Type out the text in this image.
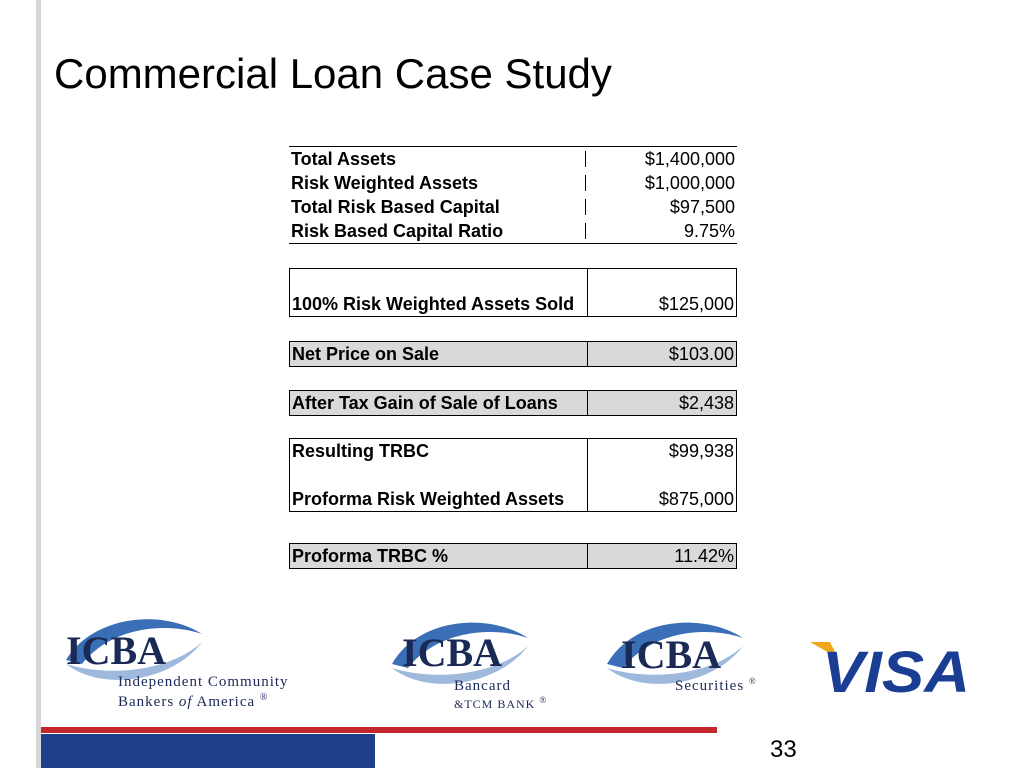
Commercial Loan Case Study
Total Assets	$1,400,000
Risk Weighted Assets	$1,000,000
Total Risk Based Capital	$97,500
Risk Based Capital Ratio	9.75%
100% Risk Weighted Assets Sold	$125,000
Net Price on Sale	$103.00
After Tax Gain of Sale of Loans	$2,438
Resulting TRBC	$99,938
Proforma Risk Weighted Assets	$875,000
Proforma TRBC %	11.42%
ICBA
Independent Community
Bankers of America ®
ICBA
Bancard
&TCM BANK ®
ICBA
Securities ® VISA
33
